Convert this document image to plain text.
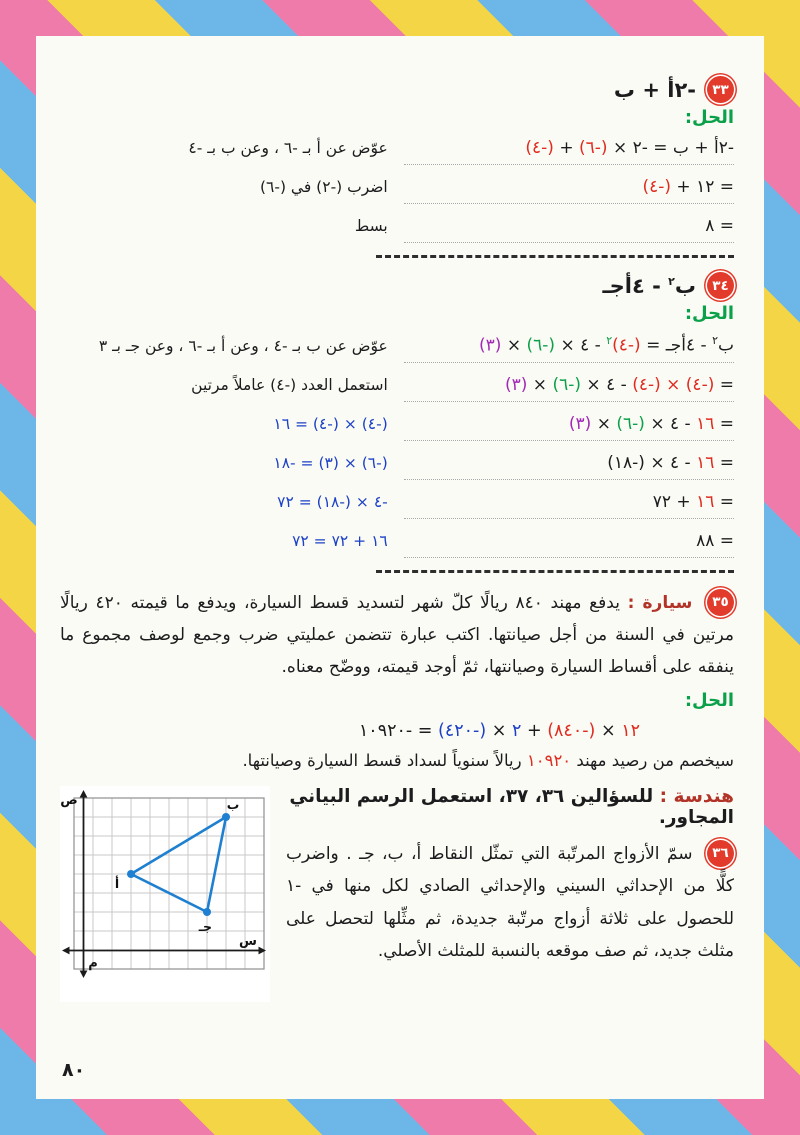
٣٣
-٢أ + ب
الحل:
-٢أ + ب = -٢ × (-٦) + (-٤)
عوّض عن أ بـ -٦ ، وعن ب بـ -٤
= ١٢ + (-٤)
اضرب (-٢) في (-٦)
= ٨
بسط
٣٤
ب$^٢$ - ٤أجـ
الحل:
ب$^٢$ - ٤أجـ = (-٤)$^٢$ - ٤ × (-٦) × (٣)
عوّض عن ب بـ -٤ ، وعن أ بـ -٦ ، وعن جـ بـ ٣
= (-٤) × (-٤) - ٤ × (-٦) × (٣)
استعمل العدد (-٤) عاملاً مرتين
= ١٦ - ٤ × (-٦) × (٣)
(-٤) × (-٤) = ١٦
= ١٦ - ٤ × (-١٨)
(-٦) × (٣) = -١٨
= ١٦ + ٧٢
-٤ × (-١٨) = ٧٢
= ٨٨
١٦ + ٧٢ = ٧٢

٣٥ سيارة : يدفع مهند ٨٤٠ ريالًا كلّ شهر لتسديد قسط السيارة، ويدفع ما قيمته ٤٢٠ ريالًا مرتين في السنة من أجل صيانتها. اكتب عبارة تتضمن عمليتي ضرب وجمع لوصف مجموع ما ينفقه على أقساط السيارة وصيانتها، ثمّ أوجد قيمته، ووضّح معناه.

الحل:
١٢ × (-٨٤٠) + ٢ × (-٤٢٠) = -١٠٩٢٠
سيخصم من رصيد مهند ١٠٩٢٠ ريالاً سنوياً لسداد قسط السيارة وصيانتها.
هندسة : للسؤالين ٣٦، ٣٧، استعمل الرسم البياني المجاور.

٣٦ سمّ الأزواج المرتّبة التي تمثّل النقاط أ، ب، جـ . واضرب كلًّا من الإحداثي السيني والإحداثي الصادي لكل منها في -١ للحصول على ثلاثة أزواج مرتّبة جديدة، ثم مثِّلها لتحصل على مثلث جديد، ثم صف موقعه بالنسبة للمثلث الأصلي.

ص
س
م
أ
ب
جـ
٨٠
